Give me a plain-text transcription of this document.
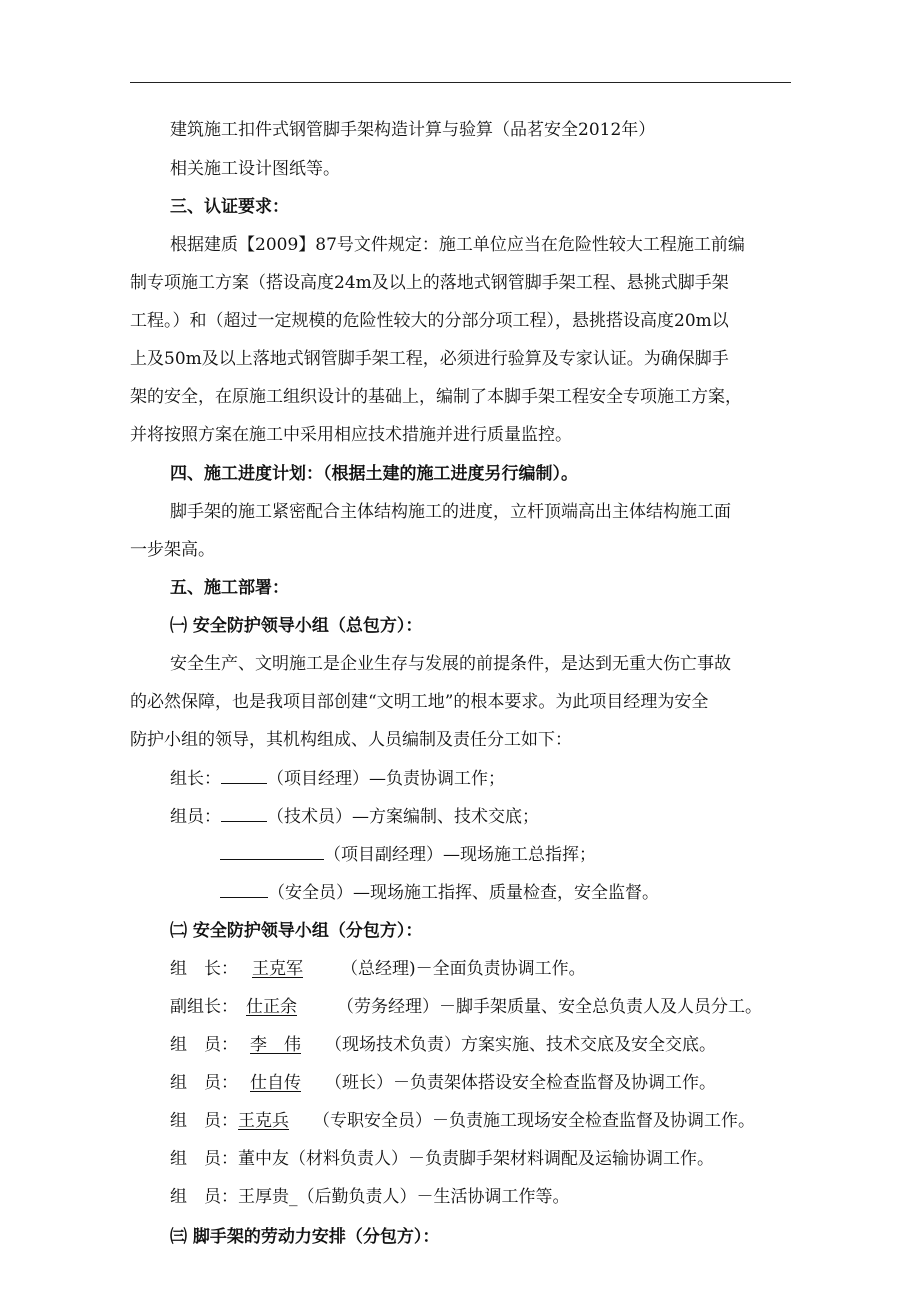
建筑施工扣件式钢管脚手架构造计算与验算（品茗安全2012年）
相关施工设计图纸等。
三、认证要求：
根据建质【2009】87号文件规定：施工单位应当在危险性较大工程施工前编
制专项施工方案（搭设高度24m及以上的落地式钢管脚手架工程、悬挑式脚手架
工程。）和（超过一定规模的危险性较大的分部分项工程），悬挑搭设高度20m以
上及50m及以上落地式钢管脚手架工程，必须进行验算及专家认证。为确保脚手
架的安全，在原施工组织设计的基础上，编制了本脚手架工程安全专项施工方案，
并将按照方案在施工中采用相应技术措施并进行质量监控。
四、施工进度计划：（根据土建的施工进度另行编制）。
脚手架的施工紧密配合主体结构施工的进度，立杆顶端高出主体结构施工面
一步架高。
五、施工部署：
㈠ 安全防护领导小组（总包方）：
安全生产、文明施工是企业生存与发展的前提条件，是达到无重大伤亡事故
的必然保障，也是我项目部创建“文明工地”的根本要求。为此项目经理为安全
防护小组的领导，其机构组成、人员编制及责任分工如下：
组长：	（项目经理）—负责协调工作；
组员：	（技术员）—方案编制、技术交底；
（项目副经理）—现场施工总指挥；
（安全员）—现场施工指挥、质量检查，安全监督。
㈡ 安全防护领导小组（分包方）：
组　长： 王克军 （总经理)－全面负责协调工作。
副组长： 仕正余 （劳务经理）－脚手架质量、安全总负责人及人员分工。
组　员： 李　伟 （现场技术负责）方案实施、技术交底及安全交底。
组　员： 仕自传 （班长）－负责架体搭设安全检查监督及协调工作。
组　员：王克兵 （专职安全员）－负责施工现场安全检查监督及协调工作。
组　员：董中友（材料负责人）－负责脚手架材料调配及运输协调工作。
组　员：王厚贵_（后勤负责人）－生活协调工作等。
㈢ 脚手架的劳动力安排（分包方）：
